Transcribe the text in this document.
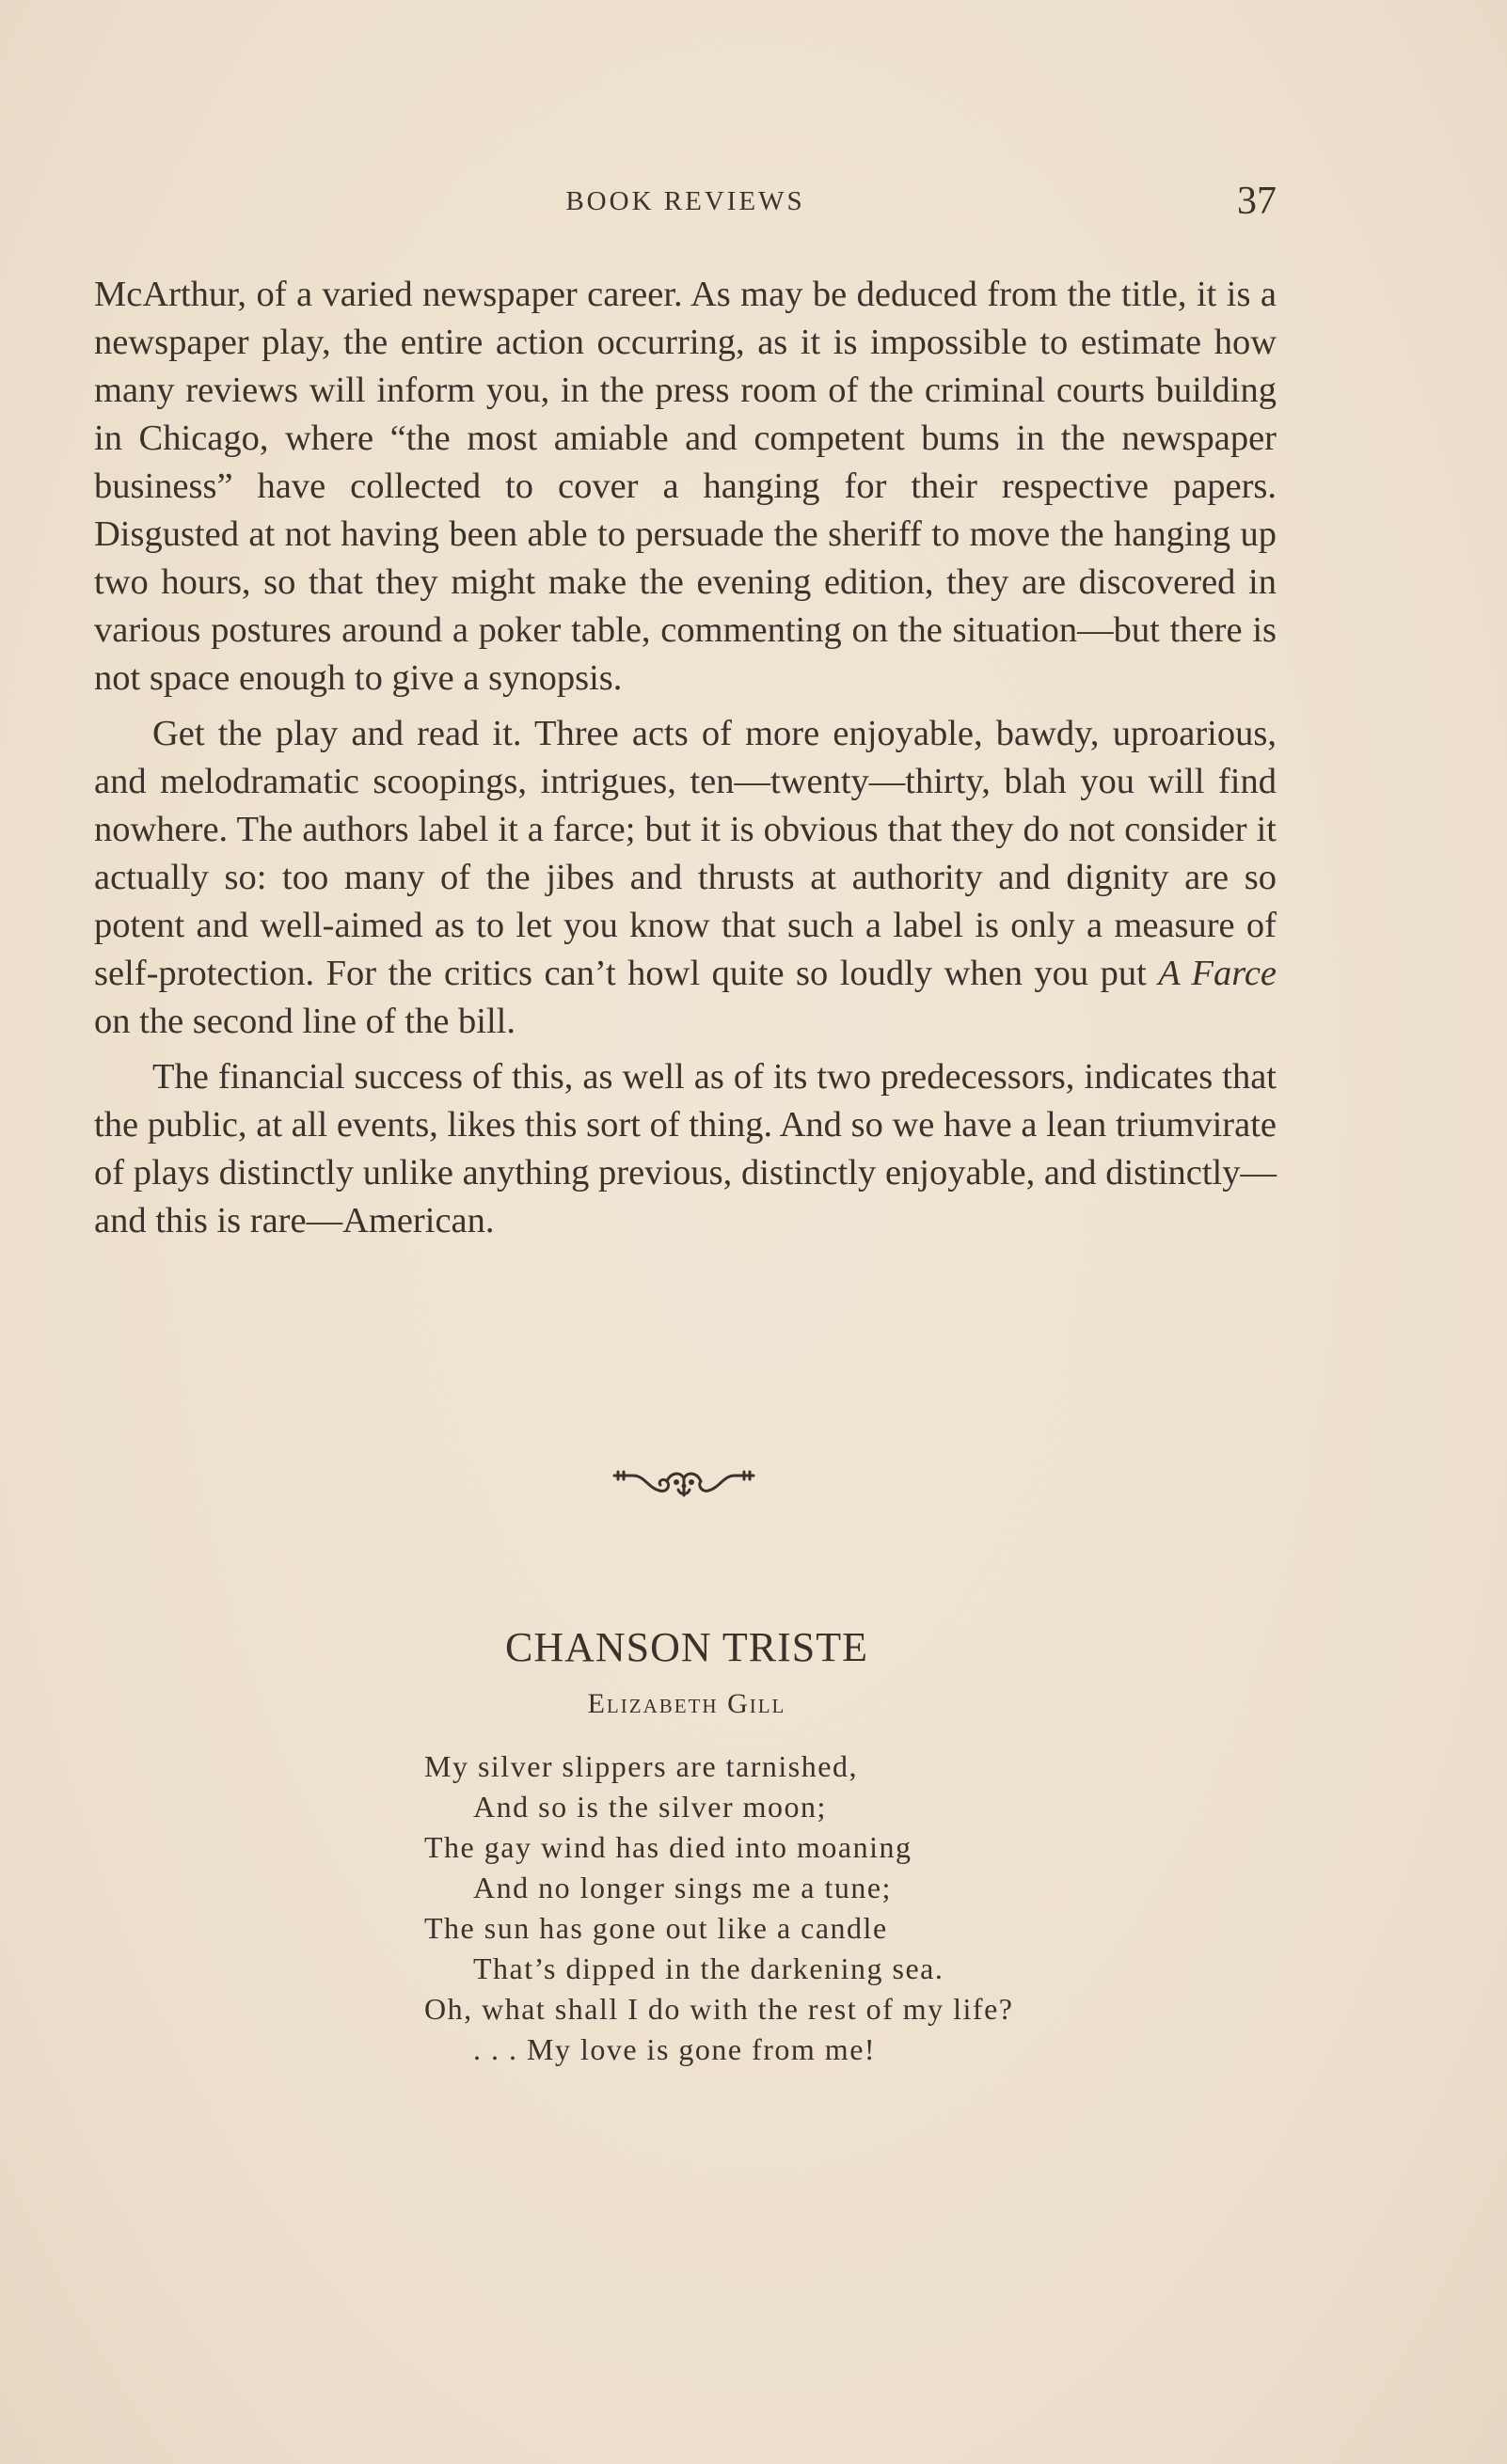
BOOK REVIEWS	37

McArthur, of a varied newspaper career. As may be deduced from the title, it is a newspaper play, the entire action occurring, as it is impossible to estimate how many reviews will inform you, in the press room of the criminal courts building in Chicago, where “the most amiable and competent bums in the newspaper business” have collected to cover a hanging for their respective papers. Disgusted at not having been able to persuade the sheriff to move the hanging up two hours, so that they might make the evening edition, they are discovered in various postures around a poker table, commenting on the situation—but there is not space enough to give a synopsis.

Get the play and read it. Three acts of more enjoyable, bawdy, uproarious, and melodramatic scoopings, intrigues, ten—twenty—thirty, blah you will find nowhere. The authors label it a farce; but it is obvious that they do not consider it actually so: too many of the jibes and thrusts at authority and dignity are so potent and well-aimed as to let you know that such a label is only a measure of self-protection. For the critics can’t howl quite so loudly when you put A Farce on the second line of the bill.

The financial success of this, as well as of its two predecessors, indicates that the public, at all events, likes this sort of thing. And so we have a lean triumvirate of plays distinctly unlike anything previous, distinctly enjoyable, and distinctly—and this is rare—American.

CHANSON TRISTE
Elizabeth Gill
My silver slippers are tarnished,
And so is the silver moon;
The gay wind has died into moaning
And no longer sings me a tune;
The sun has gone out like a candle
That’s dipped in the darkening sea.
Oh, what shall I do with the rest of my life?
. . . My love is gone from me!
